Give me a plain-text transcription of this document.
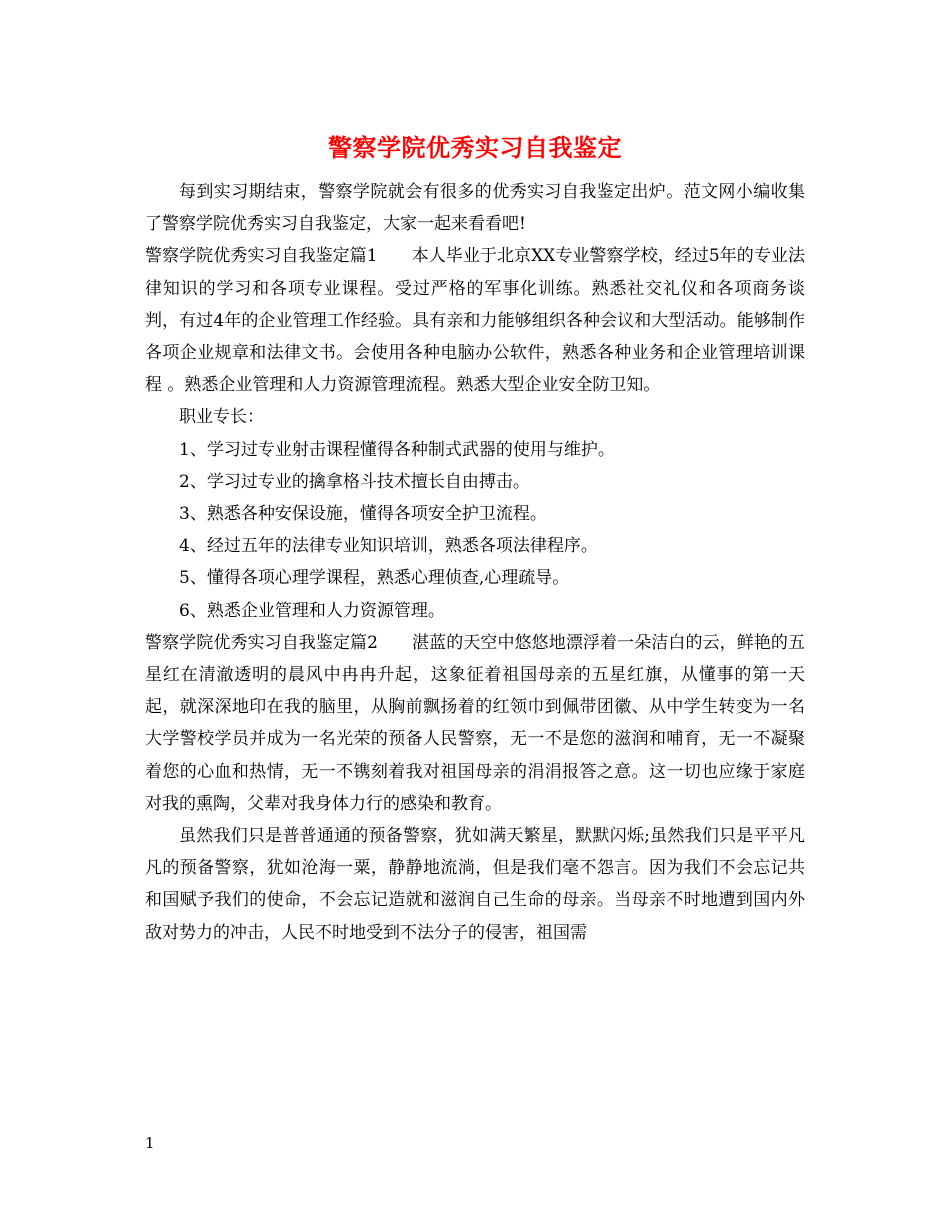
警察学院优秀实习自我鉴定

每到实习期结束，警察学院就会有很多的优秀实习自我鉴定出炉。范文网小编收集了警察学院优秀实习自我鉴定，大家一起来看看吧!

警察学院优秀实习自我鉴定篇1 本人毕业于北京XX专业警察学校，经过5年的专业法律知识的学习和各项专业课程。受过严格的军事化训练。熟悉社交礼仪和各项商务谈判，有过4年的企业管理工作经验。具有亲和力能够组织各种会议和大型活动。能够制作各项企业规章和法律文书。会使用各种电脑办公软件，熟悉各种业务和企业管理培训课程 。熟悉企业管理和人力资源管理流程。熟悉大型企业安全防卫知。

职业专长：

1、学习过专业射击课程懂得各种制式武器的使用与维护。

2、学习过专业的擒拿格斗技术擅长自由搏击。

3、熟悉各种安保设施，懂得各项安全护卫流程。

4、经过五年的法律专业知识培训，熟悉各项法律程序。

5、懂得各项心理学课程，熟悉心理侦查,心理疏导。

6、熟悉企业管理和人力资源管理。

警察学院优秀实习自我鉴定篇2 湛蓝的天空中悠悠地漂浮着一朵洁白的云，鲜艳的五星红在清澈透明的晨风中冉冉升起，这象征着祖国母亲的五星红旗，从懂事的第一天起，就深深地印在我的脑里，从胸前飘扬着的红领巾到佩带团徽、从中学生转变为一名大学警校学员并成为一名光荣的预备人民警察，无一不是您的滋润和哺育，无一不凝聚着您的心血和热情，无一不镌刻着我对祖国母亲的涓涓报答之意。这一切也应缘于家庭对我的熏陶，父辈对我身体力行的感染和教育。

虽然我们只是普普通通的预备警察，犹如满天繁星，默默闪烁;虽然我们只是平平凡凡的预备警察，犹如沧海一粟，静静地流淌，但是我们毫不怨言。因为我们不会忘记共和国赋予我们的使命，不会忘记造就和滋润自己生命的母亲。当母亲不时地遭到国内外敌对势力的冲击，人民不时地受到不法分子的侵害，祖国需

1
